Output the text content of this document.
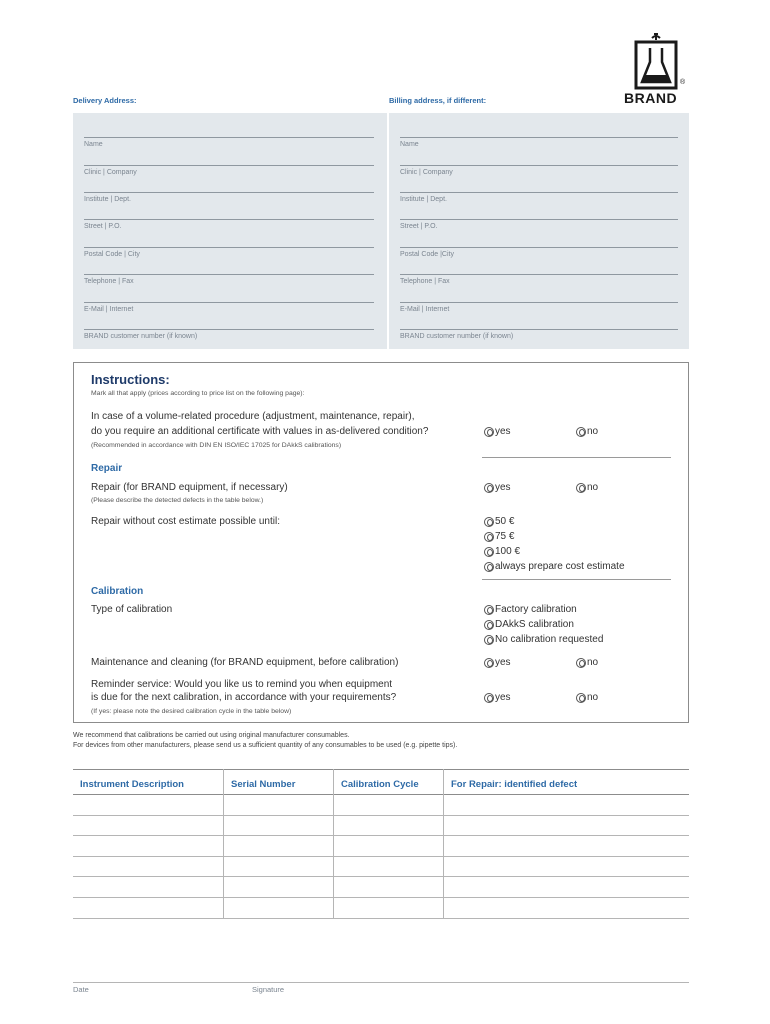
®
BRAND
Delivery Address:	Billing address, if different:
Name
Clinic | Company
Institute | Dept.
Street | P.O.
Postal Code | City
Telephone | Fax
E-Mail | Internet
BRAND customer number (if known)
Name
Clinic | Company
Institute | Dept.
Street | P.O.
Postal Code |City
Telephone | Fax
E-Mail | Internet
BRAND customer number (if known)
Instructions:
Mark all that apply (prices according to price list on the following page):
In case of a volume-related procedure (adjustment, maintenance, repair),
do you require an additional certificate with values in as-delivered condition?
(Recommended in accordance with DIN EN ISO/IEC 17025 for DAkkS calibrations)
yes	no
Repair
Repair (for BRAND equipment, if necessary)
(Please describe the detected defects in the table below.)
yes	no
Repair without cost estimate possible until:	50 €
75 €
100 €
always prepare cost estimate
Calibration
Type of calibration	Factory calibration
DAkkS calibration
No calibration requested
Maintenance and cleaning (for BRAND equipment, before calibration)	yes	no
Reminder service: Would you like us to remind you when equipment
is due for the next calibration, in accordance with your requirements?
(If yes: please note the desired calibration cycle in the table below)
yes	no
We recommend that calibrations be carried out using original manufacturer consumables.
For devices from other manufacturers, please send us a sufficient quantity of any consumables to be used (e.g. pipette tips).
Instrument Description	Serial Number	Calibration Cycle	For Repair: identified defect
Date	Signature
